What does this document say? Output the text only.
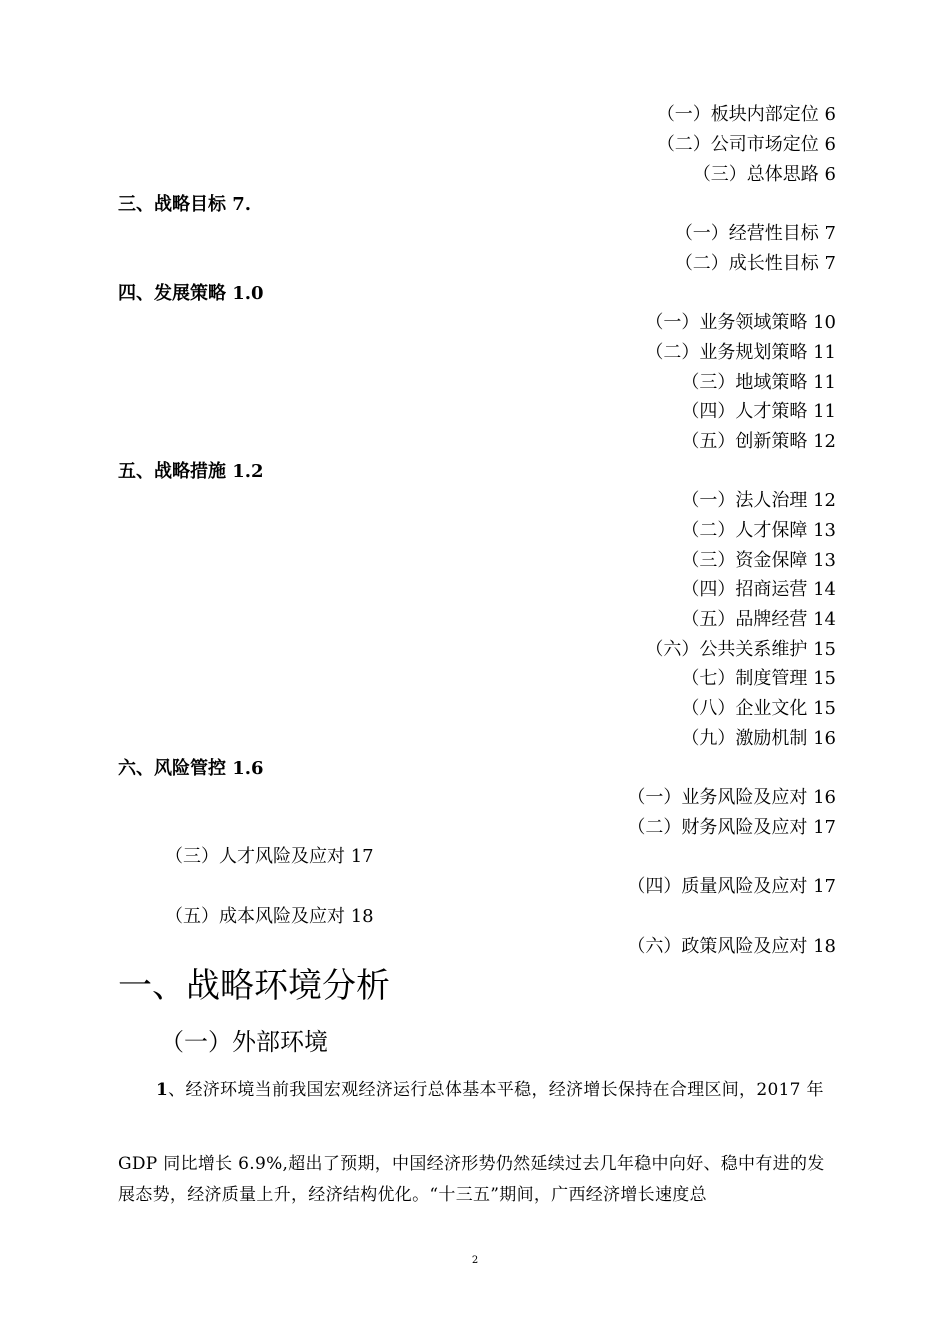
（一）板块内部定位 6
（二）公司市场定位 6
（三）总体思路 6
三、战略目标 7.
（一）经营性目标 7
（二）成长性目标 7
四、发展策略 1.0
（一）业务领域策略 10
（二）业务规划策略 11
（三）地域策略 11
（四）人才策略 11
（五）创新策略 12
五、战略措施 1.2
（一）法人治理 12
（二）人才保障 13
（三）资金保障 13
（四）招商运营 14
（五）品牌经营 14
（六）公共关系维护 15
（七）制度管理 15
（八）企业文化 15
（九）激励机制 16
六、风险管控 1.6
（一）业务风险及应对 16
（二）财务风险及应对 17
（三）人才风险及应对 17
（四）质量风险及应对 17
（五）成本风险及应对 18
（六）政策风险及应对 18
一、战略环境分析
（一）外部环境
1、经济环境当前我国宏观经济运行总体基本平稳，经济增长保持在合理区间，2017 年
GDP 同比增长 6.9%,超出了预期，中国经济形势仍然延续过去几年稳中向好、稳中有进的发展态势，经济质量上升，经济结构优化。“十三五”期间，广西经济增长速度总
2
